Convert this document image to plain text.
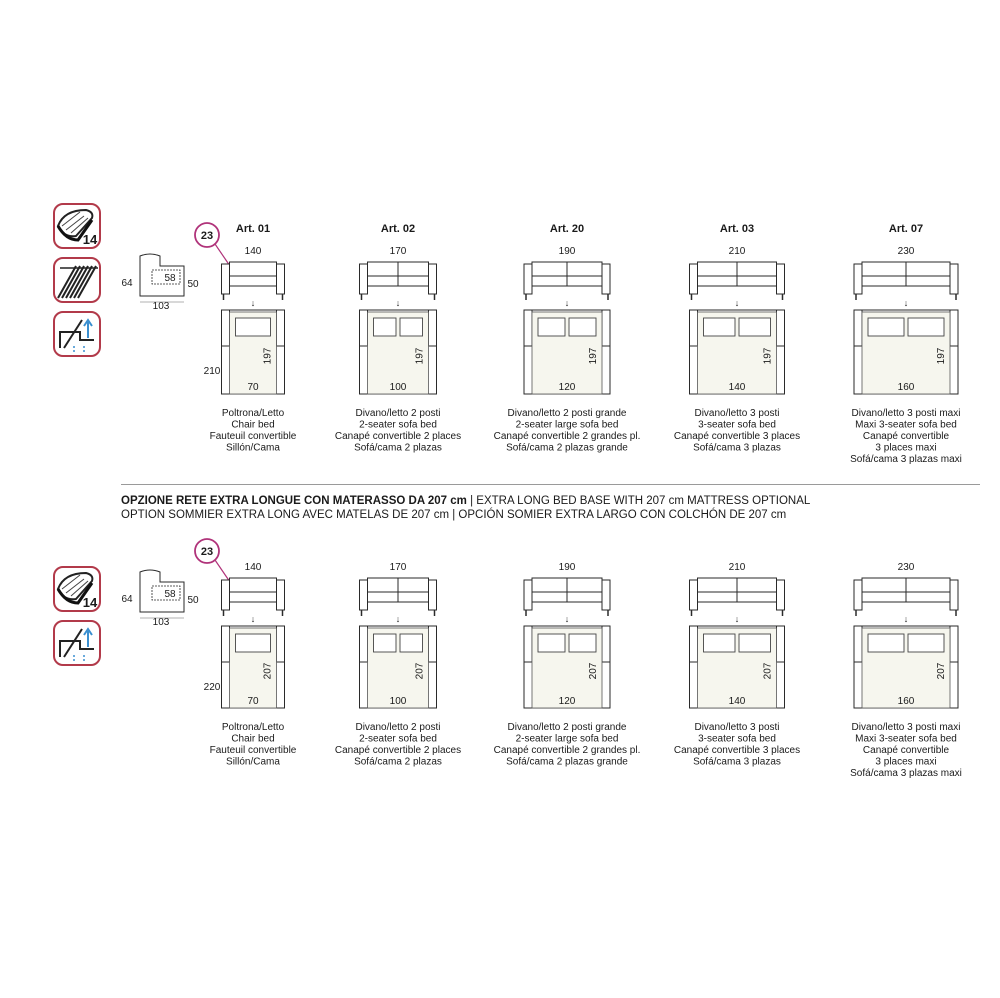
14
58
64	50
103
210
23
Art. 01
140
↓
197
70
Poltrona/Letto
Chair bed
Fauteuil convertible
Sillón/Cama
Art. 02
170
↓
197
100
Divano/letto 2 posti
2-seater sofa bed
Canapé convertible 2 places
Sofá/cama 2 plazas
Art. 20
190
↓
197
120
Divano/letto 2 posti grande
2-seater large sofa bed
Canapé convertible 2 grandes pl.
Sofá/cama 2 plazas grande
Art. 03
210
↓
197
140
Divano/letto 3 posti
3-seater sofa bed
Canapé convertible 3 places
Sofá/cama 3 plazas
Art. 07
230
↓
197
160
Divano/letto 3 posti maxi
Maxi 3-seater sofa bed
Canapé convertible
3 places maxi
Sofá/cama 3 plazas maxi
14
58
64	50
103
220
23
140
↓
207
70
Poltrona/Letto
Chair bed
Fauteuil convertible
Sillón/Cama
170
↓
207
100
Divano/letto 2 posti
2-seater sofa bed
Canapé convertible 2 places
Sofá/cama 2 plazas
190
↓
207
120
Divano/letto 2 posti grande
2-seater large sofa bed
Canapé convertible 2 grandes pl.
Sofá/cama 2 plazas grande
210
↓
207
140
Divano/letto 3 posti
3-seater sofa bed
Canapé convertible 3 places
Sofá/cama 3 plazas
230
↓
207
160
Divano/letto 3 posti maxi
Maxi 3-seater sofa bed
Canapé convertible
3 places maxi
Sofá/cama 3 plazas maxi
OPZIONE RETE EXTRA LONGUE CON MATERASSO DA 207 cm | EXTRA LONG BED BASE WITH 207 cm MATTRESS OPTIONAL
OPTION SOMMIER EXTRA LONG AVEC MATELAS DE 207 cm | OPCIÓN SOMIER EXTRA LARGO CON COLCHÓN DE 207 cm
